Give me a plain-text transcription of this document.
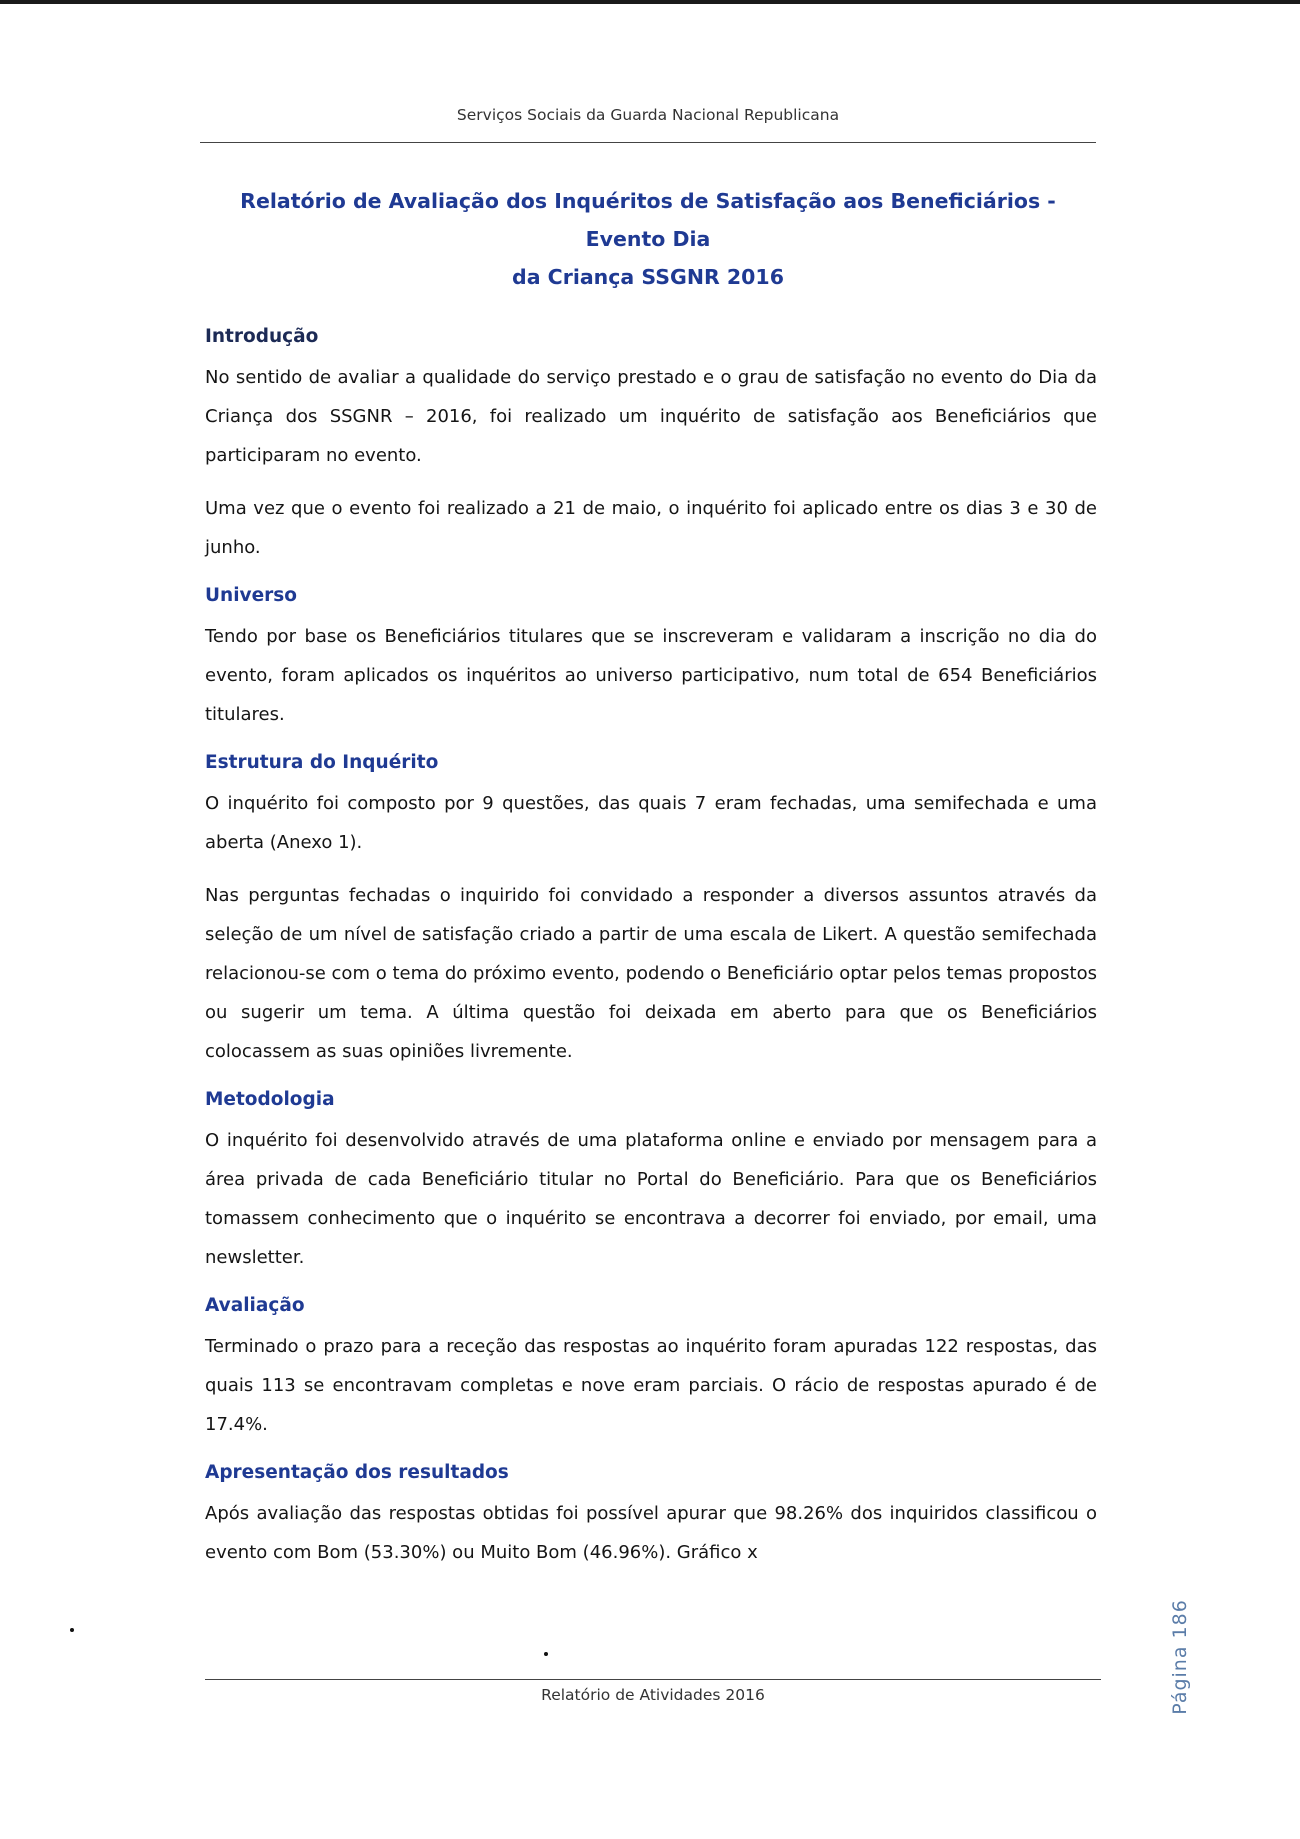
Serviços Sociais da Guarda Nacional Republicana
Relatório de Avaliação dos Inquéritos de Satisfação aos Beneficiários - Evento Dia
da Criança SSGNR 2016
Introdução

No sentido de avaliar a qualidade do serviço prestado e o grau de satisfação no evento do Dia da Criança dos SSGNR – 2016, foi realizado um inquérito de satisfação aos Beneficiários que participaram no evento.

Uma vez que o evento foi realizado a 21 de maio, o inquérito foi aplicado entre os dias 3 e 30 de junho.

Universo

Tendo por base os Beneficiários titulares que se inscreveram e validaram a inscrição no dia do evento, foram aplicados os inquéritos ao universo participativo, num total de 654 Beneficiários titulares.

Estrutura do Inquérito

O inquérito foi composto por 9 questões, das quais 7 eram fechadas, uma semifechada e uma aberta (Anexo 1).

Nas perguntas fechadas o inquirido foi convidado a responder a diversos assuntos através da seleção de um nível de satisfação criado a partir de uma escala de Likert. A questão semifechada relacionou-se com o tema do próximo evento, podendo o Beneficiário optar pelos temas propostos ou sugerir um tema. A última questão foi deixada em aberto para que os Beneficiários colocassem as suas opiniões livremente.

Metodologia

O inquérito foi desenvolvido através de uma plataforma online e enviado por mensagem para a área privada de cada Beneficiário titular no Portal do Beneficiário. Para que os Beneficiários tomassem conhecimento que o inquérito se encontrava a decorrer foi enviado, por email, uma newsletter.

Avaliação

Terminado o prazo para a receção das respostas ao inquérito foram apuradas 122 respostas, das quais 113 se encontravam completas e nove eram parciais. O rácio de respostas apurado é de 17.4%.

Apresentação dos resultados

Após avaliação das respostas obtidas foi possível apurar que 98.26% dos inquiridos classificou o evento com Bom (53.30%) ou Muito Bom (46.96%). Gráfico x

Página 186
Relatório de Atividades 2016
